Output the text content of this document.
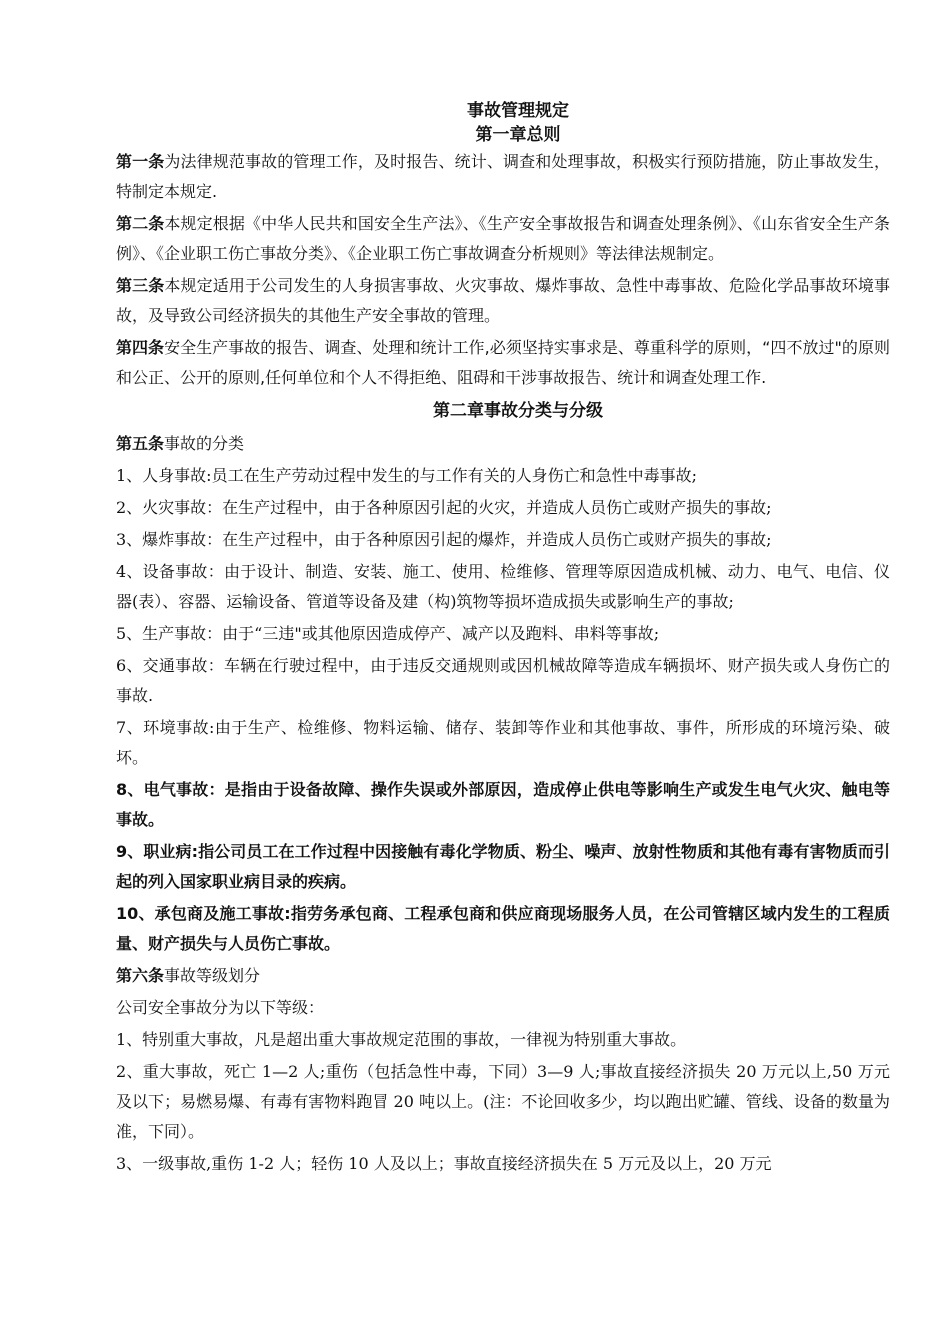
事故管理规定
第一章总则

第一条为法律规范事故的管理工作，及时报告、统计、调查和处理事故，积极实行预防措施，防止事故发生，特制定本规定.

第二条本规定根据《中华人民共和国安全生产法》、《生产安全事故报告和调查处理条例》、《山东省安全生产条例》、《企业职工伤亡事故分类》、《企业职工伤亡事故调查分析规则》等法律法规制定。

第三条本规定适用于公司发生的人身损害事故、火灾事故、爆炸事故、急性中毒事故、危险化学品事故环境事故，及导致公司经济损失的其他生产安全事故的管理。

第四条安全生产事故的报告、调查、处理和统计工作,必须坚持实事求是、尊重科学的原则，“四不放过"的原则和公正、公开的原则,任何单位和个人不得拒绝、阻碍和干涉事故报告、统计和调查处理工作.

第二章事故分类与分级

第五条事故的分类

1、人身事故:员工在生产劳动过程中发生的与工作有关的人身伤亡和急性中毒事故;

2、火灾事故：在生产过程中，由于各种原因引起的火灾，并造成人员伤亡或财产损失的事故;

3、爆炸事故：在生产过程中，由于各种原因引起的爆炸，并造成人员伤亡或财产损失的事故;

4、设备事故：由于设计、制造、安装、施工、使用、检维修、管理等原因造成机械、动力、电气、电信、仪器(表）、容器、运输设备、管道等设备及建（构)筑物等损坏造成损失或影响生产的事故;

5、生产事故：由于“三违"或其他原因造成停产、减产以及跑料、串料等事故;

6、交通事故：车辆在行驶过程中，由于违反交通规则或因机械故障等造成车辆损坏、财产损失或人身伤亡的事故.

7、环境事故:由于生产、检维修、物料运输、储存、装卸等作业和其他事故、事件，所形成的环境污染、破坏。

8、电气事故：是指由于设备故障、操作失误或外部原因，造成停止供电等影响生产或发生电气火灾、触电等事故。

9、职业病:指公司员工在工作过程中因接触有毒化学物质、粉尘、噪声、放射性物质和其他有毒有害物质而引起的列入国家职业病目录的疾病。

10、承包商及施工事故:指劳务承包商、工程承包商和供应商现场服务人员，在公司管辖区域内发生的工程质量、财产损失与人员伤亡事故。

第六条事故等级划分

公司安全事故分为以下等级：

1、特别重大事故，凡是超出重大事故规定范围的事故，一律视为特别重大事故。

2、重大事故，死亡 1—2 人;重伤（包括急性中毒，下同）3—9 人;事故直接经济损失 20 万元以上,50 万元及以下；易燃易爆、有毒有害物料跑冒 20 吨以上。(注：不论回收多少，均以跑出贮罐、管线、设备的数量为准，下同）。

3、一级事故,重伤 1-2 人；轻伤 10 人及以上；事故直接经济损失在 5 万元及以上，20 万元
